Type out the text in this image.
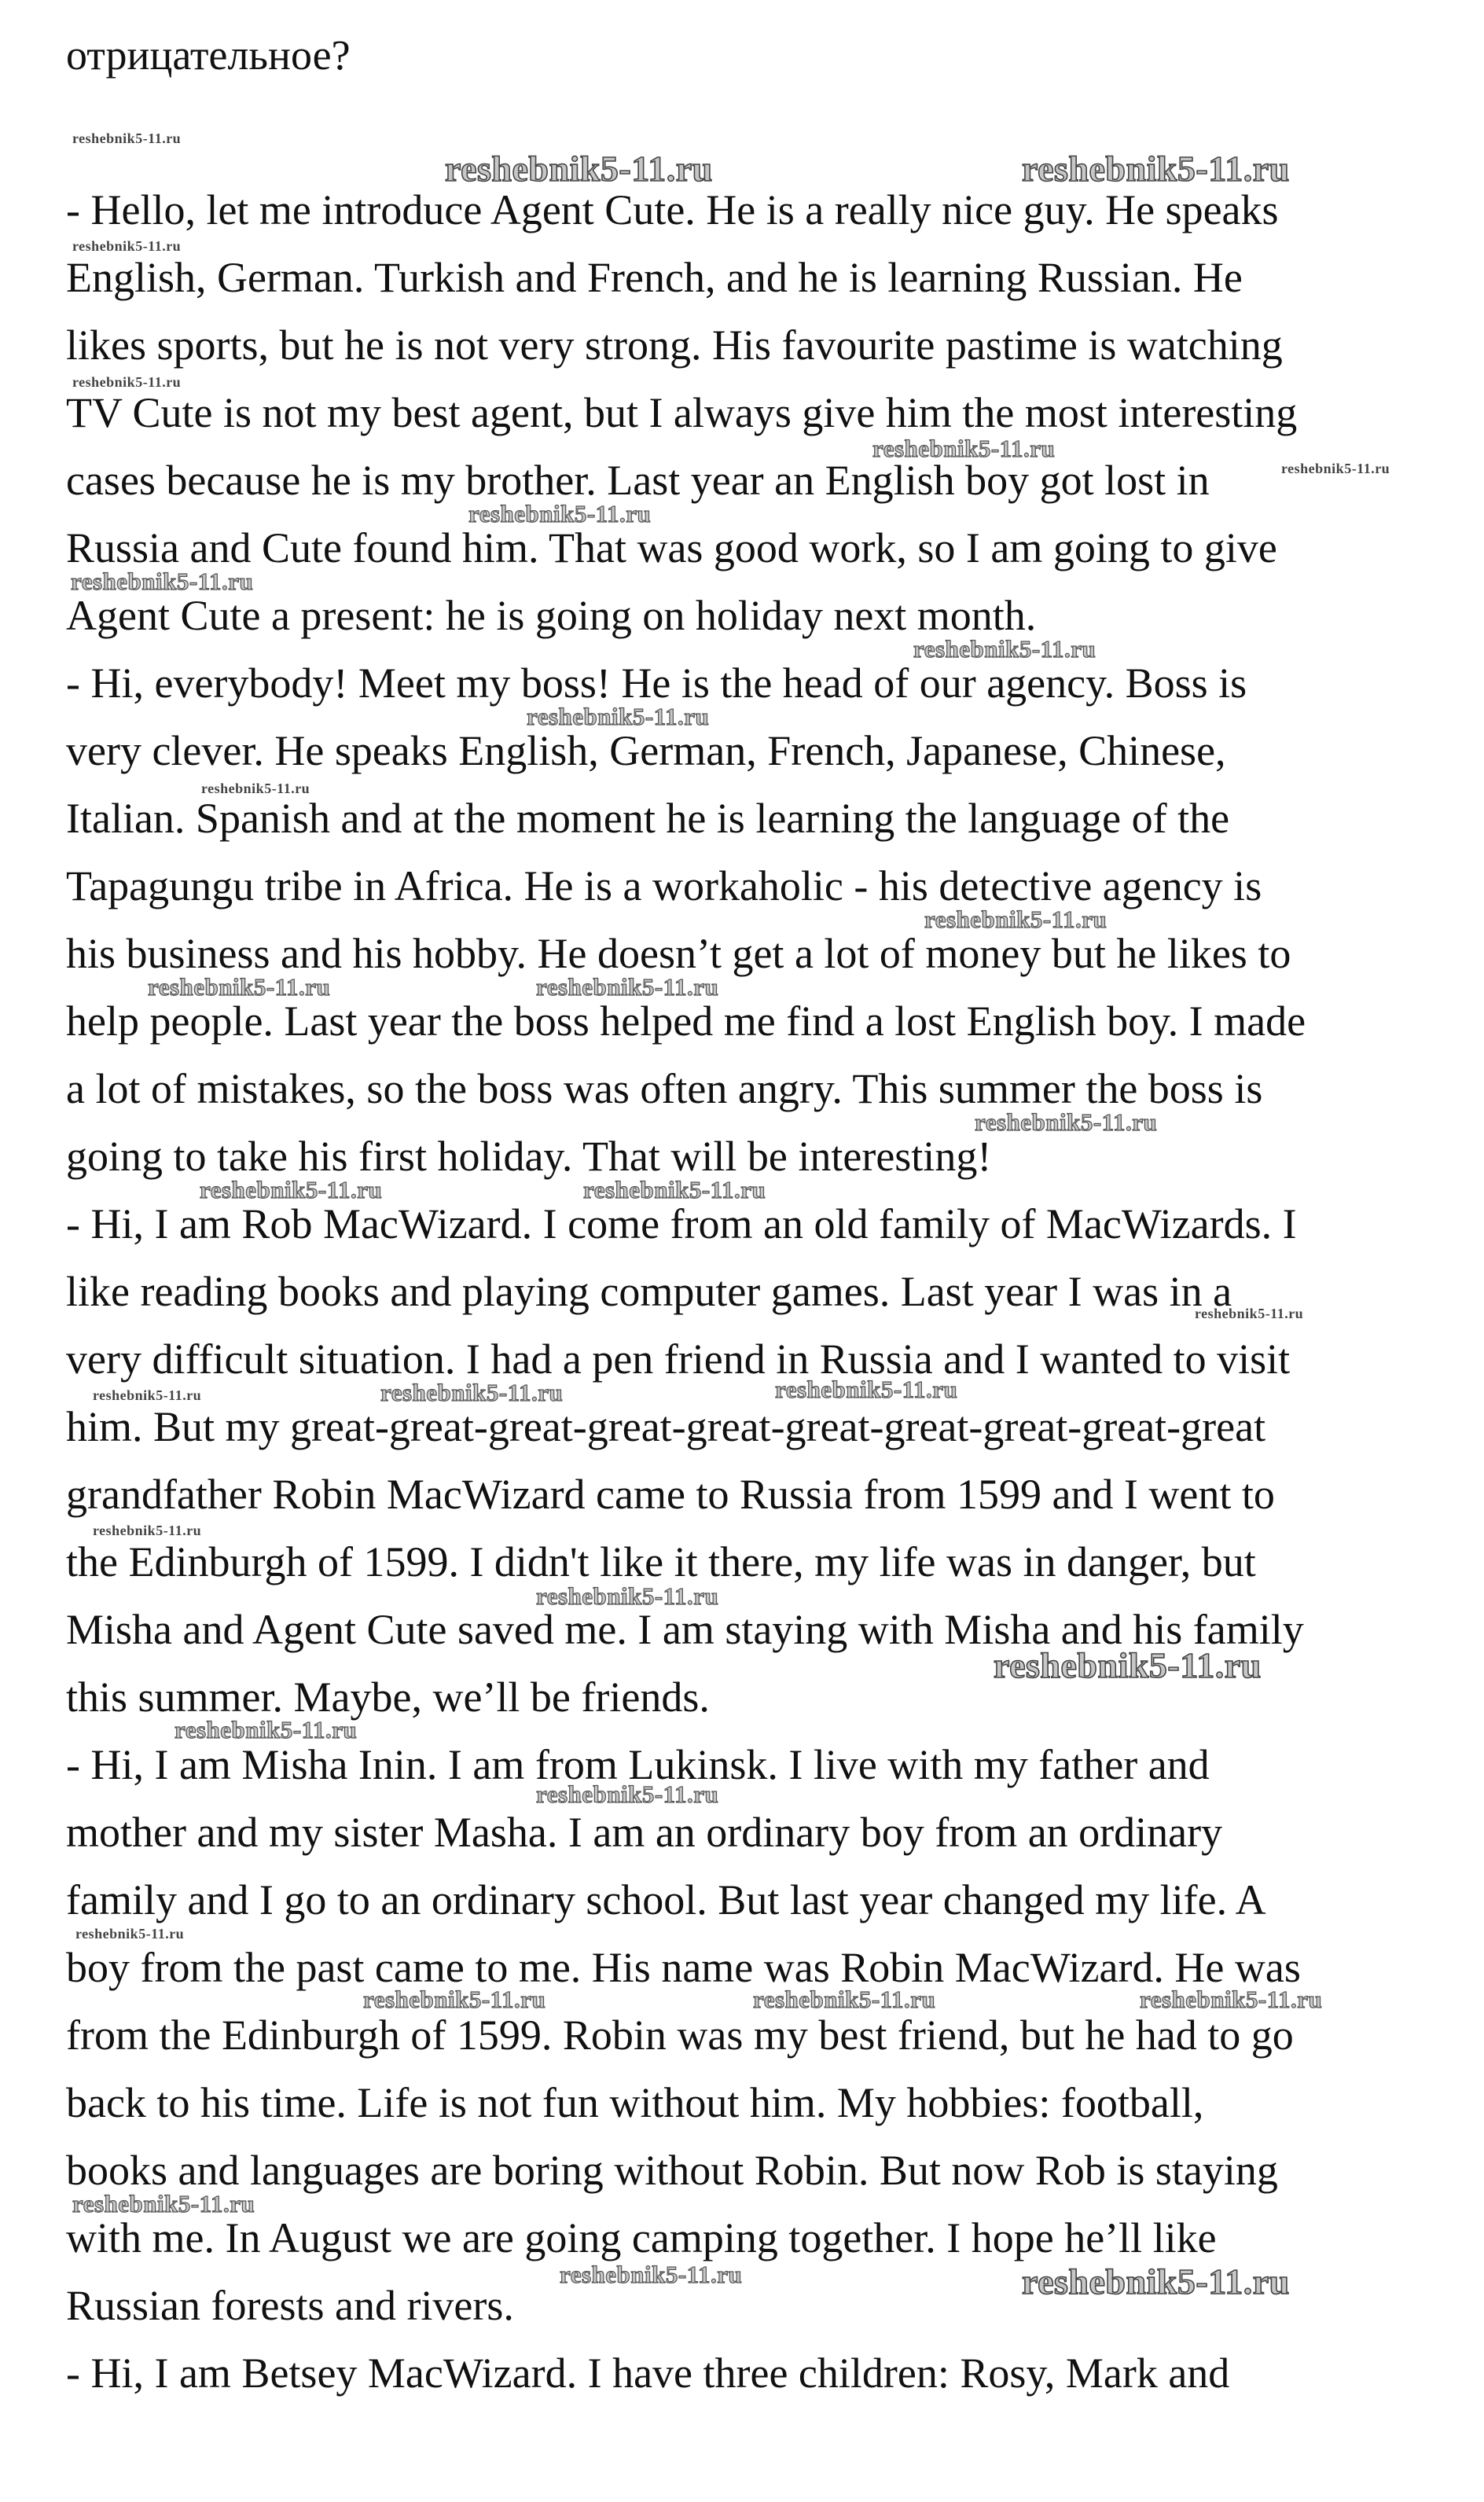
отрицательное?
- Hello, let me introduce Agent Cute. He is a really nice guy. He speaks
English, German. Turkish and French, and he is learning Russian. He
likes sports, but he is not very strong. His favourite pastime is watching
TV Cute is not my best agent, but I always give him the most interesting
cases because he is my brother. Last year an English boy got lost in
Russia and Cute found him. That was good work, so I am going to give
Agent Cute a present: he is going on holiday next month.
- Hi, everybody! Meet my boss! He is the head of our agency. Boss is
very clever. He speaks English, German, French, Japanese, Chinese,
Italian. Spanish and at the moment he is learning the language of the
Tapagungu tribe in Africa. He is a workaholic - his detective agency is
his business and his hobby. He doesn’t get a lot of money but he likes to
help people. Last year the boss helped me find a lost English boy. I made
a lot of mistakes, so the boss was often angry. This summer the boss is
going to take his first holiday. That will be interesting!
- Hi, I am Rob MacWizard. I come from an old family of MacWizards. I
like reading books and playing computer games. Last year I was in a
very difficult situation. I had a pen friend in Russia and I wanted to visit
him. But my great-great-great-great-great-great-great-great-great-great
grandfather Robin MacWizard came to Russia from 1599 and I went to
the Edinburgh of 1599. I didn't like it there, my life was in danger, but
Misha and Agent Cute saved me. I am staying with Misha and his family
this summer. Maybe, we’ll be friends.
- Hi, I am Misha Inin. I am from Lukinsk. I live with my father and
mother and my sister Masha. I am an ordinary boy from an ordinary
family and I go to an ordinary school. But last year changed my life. A
boy from the past came to me. His name was Robin MacWizard. He was
from the Edinburgh of 1599. Robin was my best friend, but he had to go
back to his time. Life is not fun without him. My hobbies: football,
books and languages are boring without Robin. But now Rob is staying
with me. In August we are going camping together. I hope he’ll like
Russian forests and rivers.
- Hi, I am Betsey MacWizard. I have three children: Rosy, Mark and
reshebnik5-11.ru
reshebnik5-11.ru	reshebnik5-11.ru
reshebnik5-11.ru
reshebnik5-11.ru
reshebnik5-11.ru
reshebnik5-11.ru
reshebnik5-11.ru
reshebnik5-11.ru
reshebnik5-11.ru
reshebnik5-11.ru
reshebnik5-11.ru
reshebnik5-11.ru
reshebnik5-11.ru	reshebnik5-11.ru
reshebnik5-11.ru
reshebnik5-11.ru	reshebnik5-11.ru
reshebnik5-11.ru
reshebnik5-11.ru	reshebnik5-11.ru	reshebnik5-11.ru
reshebnik5-11.ru
reshebnik5-11.ru
reshebnik5-11.ru
reshebnik5-11.ru
reshebnik5-11.ru
reshebnik5-11.ru
reshebnik5-11.ru	reshebnik5-11.ru	reshebnik5-11.ru
reshebnik5-11.ru
reshebnik5-11.ru	reshebnik5-11.ru
